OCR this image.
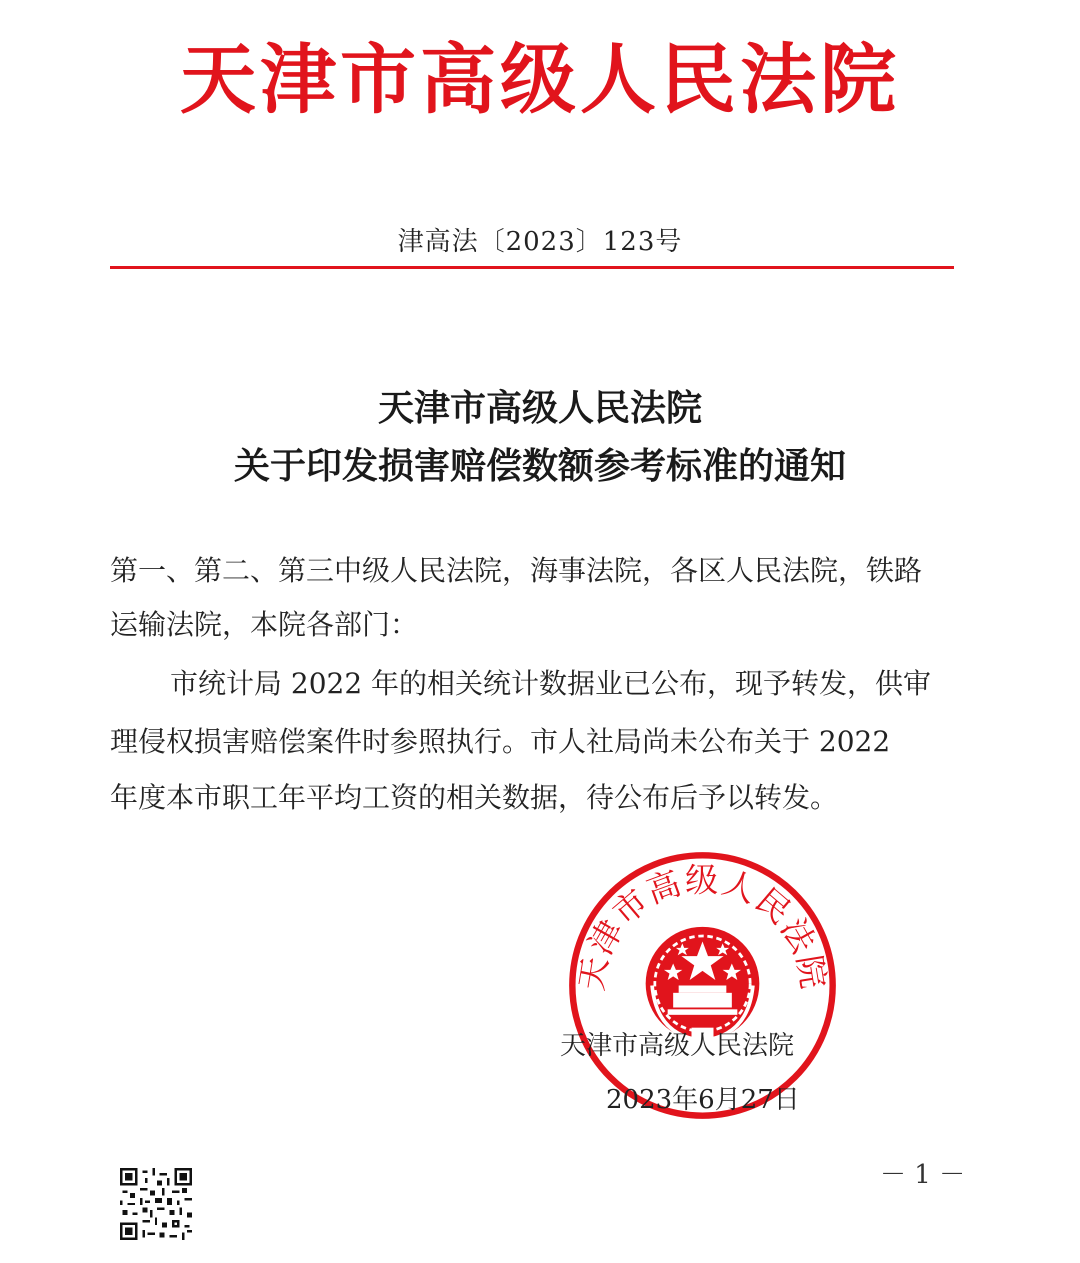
天津市高级人民法院
津高法〔2023〕123号
天津市高级人民法院
关于印发损害赔偿数额参考标准的通知
第一、第二、第三中级人民法院，海事法院，各区人民法院，铁路
运输法院，本院各部门：
市统计局 2022 年的相关统计数据业已公布，现予转发，供审
理侵权损害赔偿案件时参照执行。市人社局尚未公布关于 2022
年度本市职工年平均工资的相关数据，待公布后予以转发。
天津市高级人民法院
天津市高级人民法院
2023年6月27日
－ 1 －
